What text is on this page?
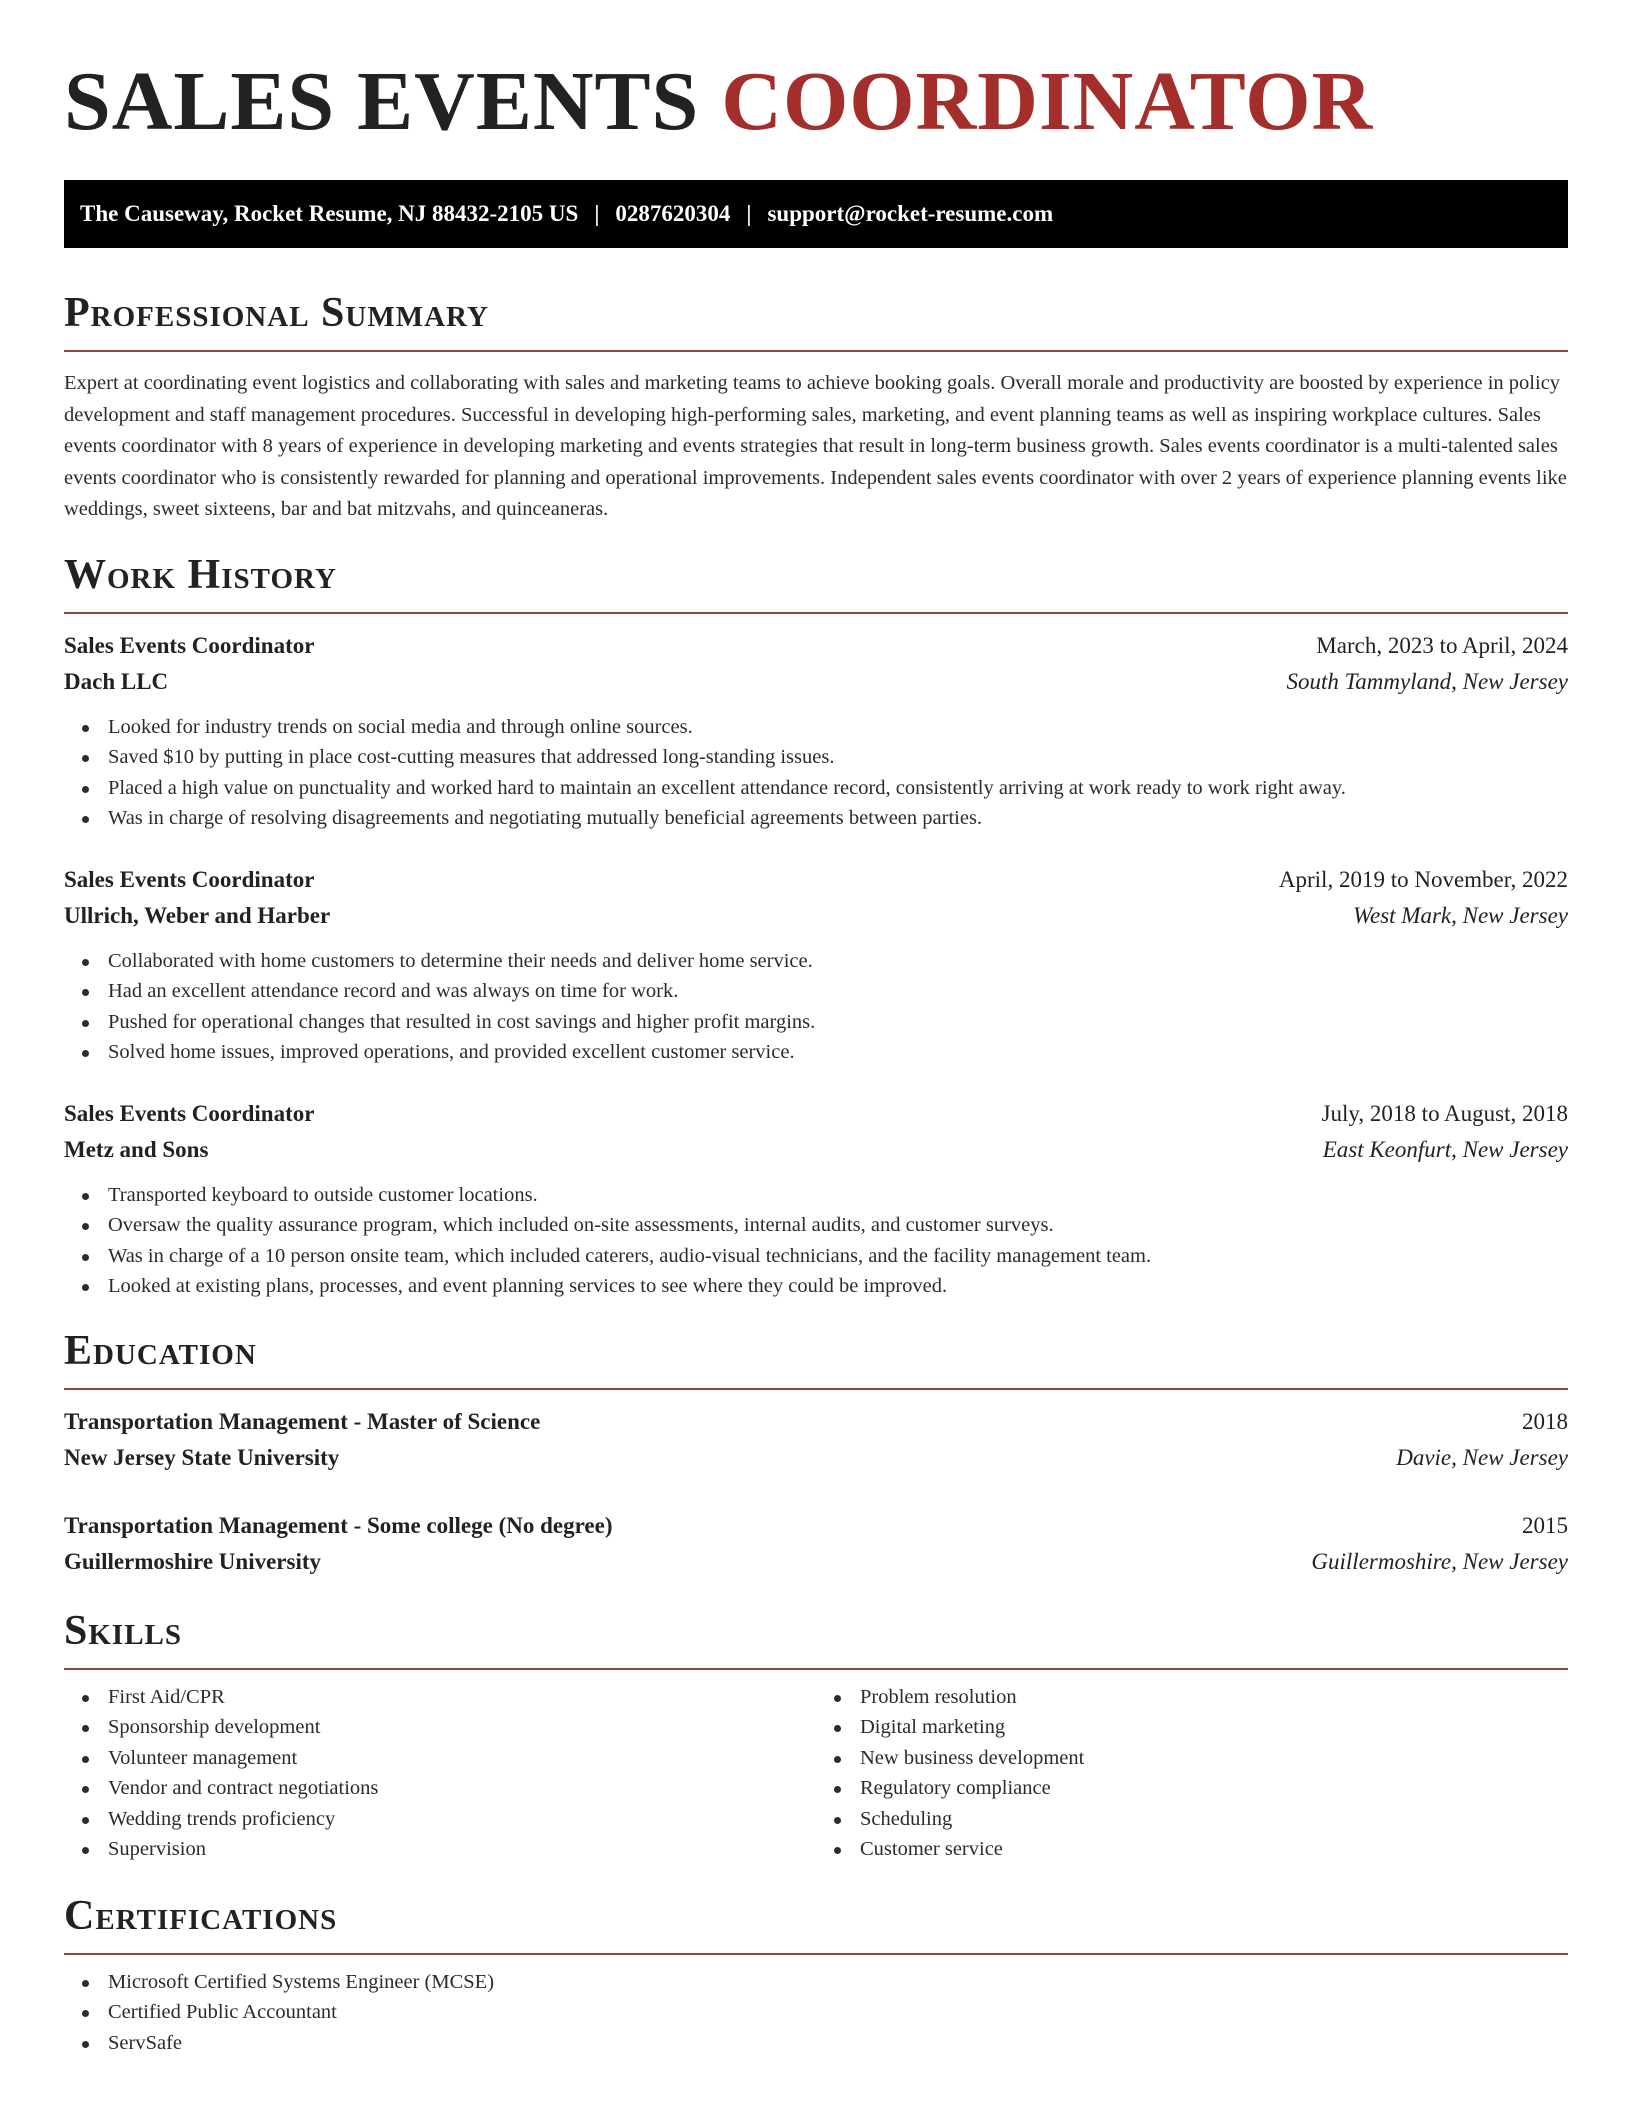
SALES EVENTS COORDINATOR
The Causeway, Rocket Resume, NJ 88432-2105 US | 0287620304 | support@rocket-resume.com
Professional Summary

Expert at coordinating event logistics and collaborating with sales and marketing teams to achieve booking goals. Overall morale and productivity are boosted by experience in policy development and staff management procedures. Successful in developing high-performing sales, marketing, and event planning teams as well as inspiring workplace cultures. Sales events coordinator with 8 years of experience in developing marketing and events strategies that result in long-term business growth. Sales events coordinator is a multi-talented sales events coordinator who is consistently rewarded for planning and operational improvements. Independent sales events coordinator with over 2 years of experience planning events like weddings, sweet sixteens, bar and bat mitzvahs, and quinceaneras.

Work History
Sales Events Coordinator	March, 2023 to April, 2024
Dach LLC	South Tammyland, New Jersey
Looked for industry trends on social media and through online sources.
Saved $10 by putting in place cost-cutting measures that addressed long-standing issues.
Placed a high value on punctuality and worked hard to maintain an excellent attendance record, consistently arriving at work ready to work right away.
Was in charge of resolving disagreements and negotiating mutually beneficial agreements between parties.
Sales Events Coordinator	April, 2019 to November, 2022
Ullrich, Weber and Harber	West Mark, New Jersey
Collaborated with home customers to determine their needs and deliver home service.
Had an excellent attendance record and was always on time for work.
Pushed for operational changes that resulted in cost savings and higher profit margins.
Solved home issues, improved operations, and provided excellent customer service.
Sales Events Coordinator	July, 2018 to August, 2018
Metz and Sons	East Keonfurt, New Jersey
Transported keyboard to outside customer locations.
Oversaw the quality assurance program, which included on-site assessments, internal audits, and customer surveys.
Was in charge of a 10 person onsite team, which included caterers, audio-visual technicians, and the facility management team.
Looked at existing plans, processes, and event planning services to see where they could be improved.
Education
Transportation Management - Master of Science	2018
New Jersey State University	Davie, New Jersey
Transportation Management - Some college (No degree)	2015
Guillermoshire University	Guillermoshire, New Jersey
Skills
First Aid/CPR
Sponsorship development
Volunteer management
Vendor and contract negotiations
Wedding trends proficiency
Supervision
Problem resolution
Digital marketing
New business development
Regulatory compliance
Scheduling
Customer service
Certifications
Microsoft Certified Systems Engineer (MCSE)
Certified Public Accountant
ServSafe
